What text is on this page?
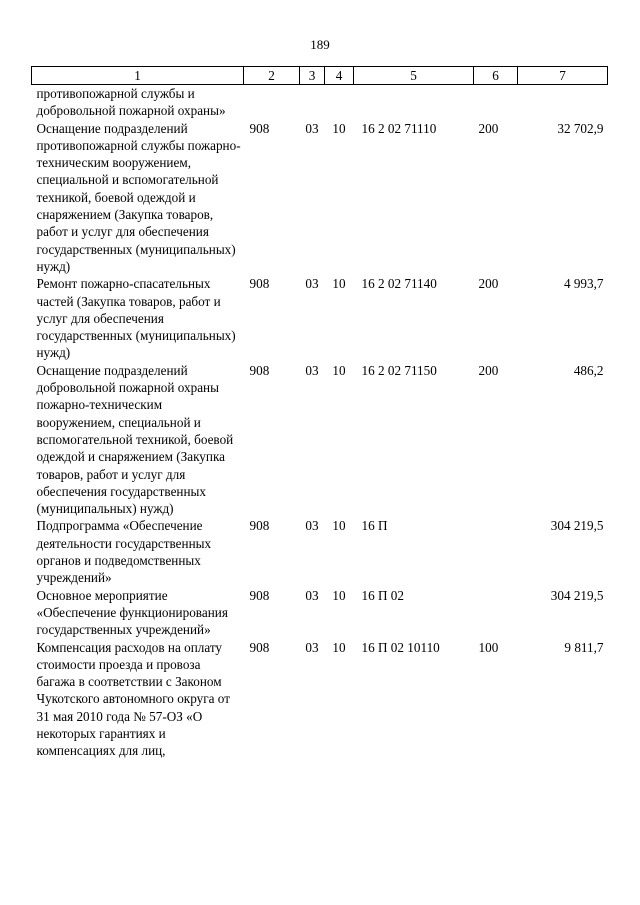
189
1	2	3	4	5	6	7
противопожарной службы и добровольной пожарной охраны»						
Оснащение подразделений противопожарной службы пожарно-техническим вооружением, специальной и вспомогательной техникой, боевой одеждой и снаряжением (Закупка товаров, работ и услуг для обеспечения государственных (муниципальных) нужд)	908	03	10	16 2 02 71110	200	32 702,9
Ремонт пожарно-спасательных частей (Закупка товаров, работ и услуг для обеспечения государственных (муниципальных) нужд)	908	03	10	16 2 02 71140	200	4 993,7
Оснащение подразделений добровольной пожарной охраны пожарно-техническим вооружением, специальной и вспомогательной техникой, боевой одеждой и снаряжением (Закупка товаров, работ и услуг для обеспечения государственных (муниципальных) нужд)	908	03	10	16 2 02 71150	200	486,2
Подпрограмма «Обеспечение деятельности государственных органов и подведомственных учреждений»	908	03	10	16 П		304 219,5
Основное мероприятие «Обеспечение функционирования государственных учреждений»	908	03	10	16 П 02		304 219,5
Компенсация расходов на оплату стоимости проезда и провоза багажа в соответствии с Законом Чукотского автономного округа от 31 мая 2010 года № 57-ОЗ «О некоторых гарантиях и компенсациях для лиц,	908	03	10	16 П 02 10110	100	9 811,7
